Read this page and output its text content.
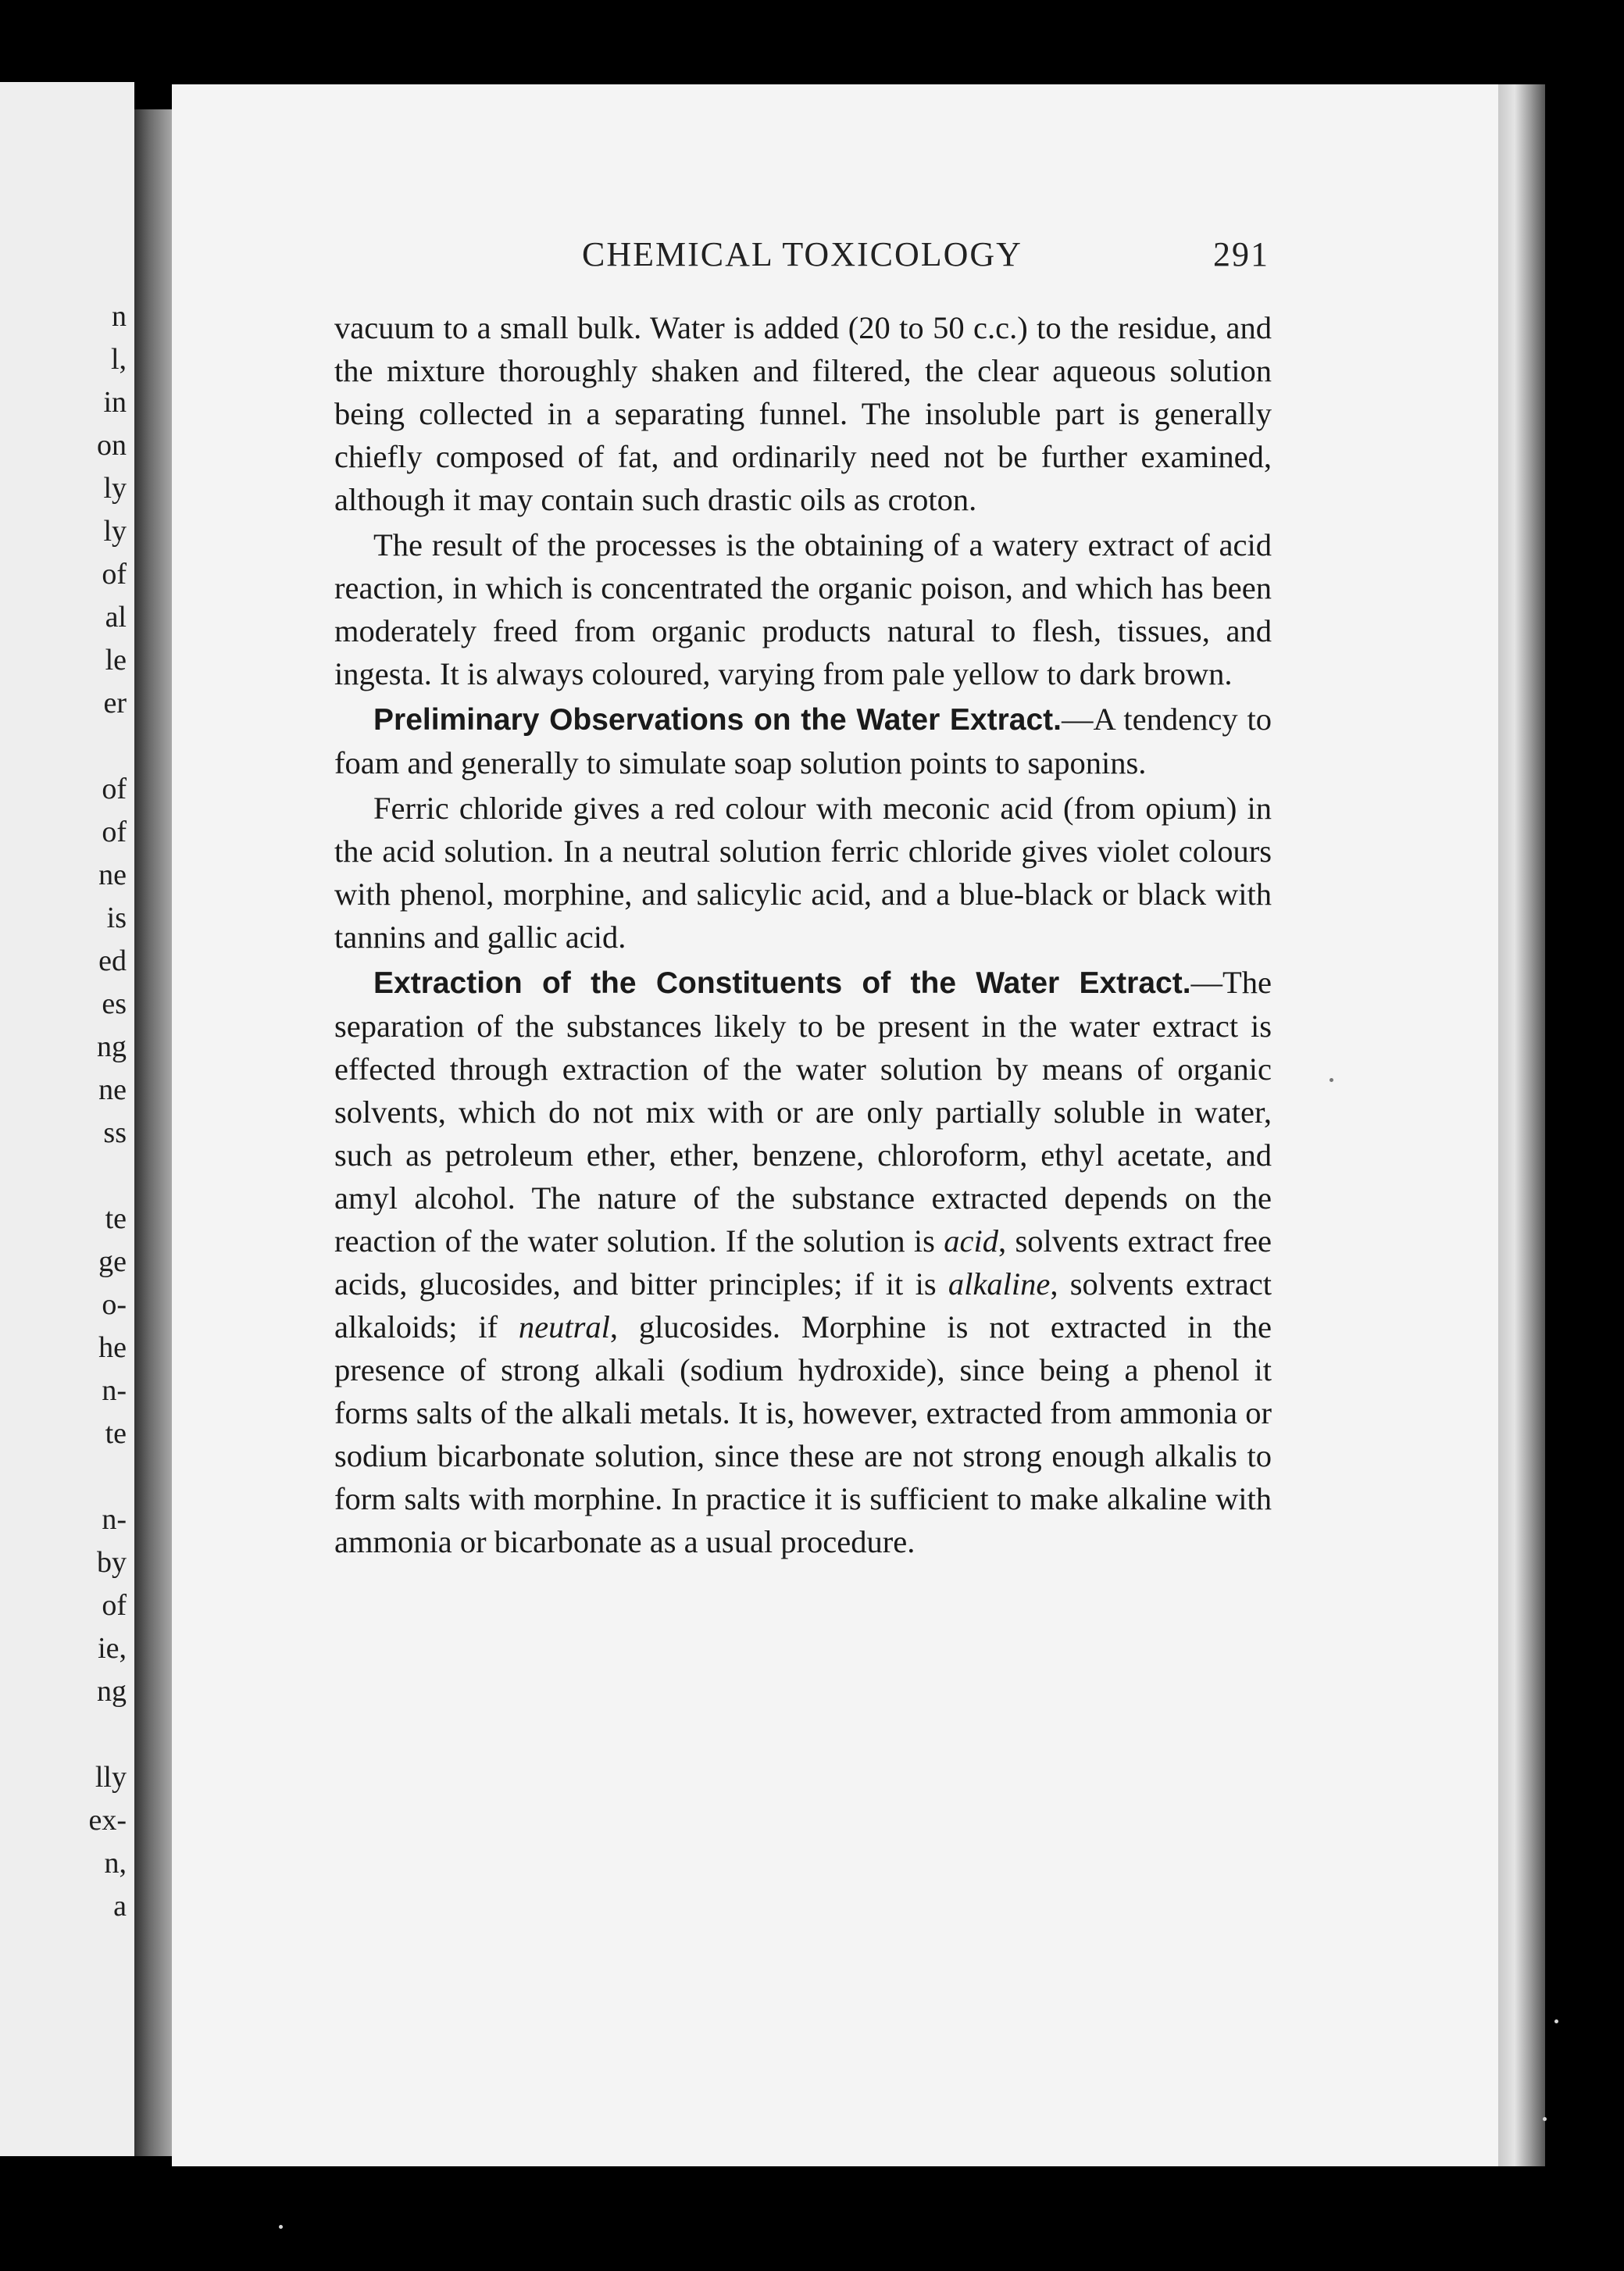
n
l,
in
on
ly
ly
of
al
le
er
of
of
ne
is
ed
es
ng
ne
ss
te
ge
o-
he
n-
te
n-
by
of
ie,
ng
lly
ex-
n,
a
CHEMICAL TOXICOLOGY	291

vacuum to a small bulk. Water is added (20 to 50 c.c.) to the residue, and the mixture thoroughly shaken and filtered, the clear aqueous solution being collected in a separating funnel. The insoluble part is generally chiefly composed of fat, and ordinarily need not be further examined, although it may contain such drastic oils as croton.

The result of the processes is the obtaining of a watery extract of acid reaction, in which is concentrated the organic poison, and which has been moderately freed from organic products natural to flesh, tissues, and ingesta. It is always coloured, varying from pale yellow to dark brown.

Preliminary Observations on the Water Extract.—A tendency to foam and generally to simulate soap solution points to saponins.

Ferric chloride gives a red colour with meconic acid (from opium) in the acid solution. In a neutral solution ferric chloride gives violet colours with phenol, morphine, and salicylic acid, and a blue-black or black with tannins and gallic acid.

Extraction of the Constituents of the Water Extract.—The separation of the substances likely to be present in the water extract is effected through extraction of the water solution by means of organic solvents, which do not mix with or are only partially soluble in water, such as petroleum ether, ether, benzene, chloroform, ethyl acetate, and amyl alcohol. The nature of the substance extracted depends on the reaction of the water solution. If the solution is acid, solvents extract free acids, glucosides, and bitter principles; if it is alkaline, solvents extract alkaloids; if neutral, glucosides. Morphine is not extracted in the presence of strong alkali (sodium hydroxide), since being a phenol it forms salts of the alkali metals. It is, however, extracted from ammonia or sodium bicarbonate solution, since these are not strong enough alkalis to form salts with morphine. In practice it is sufficient to make alkaline with ammonia or bicarbonate as a usual procedure.
